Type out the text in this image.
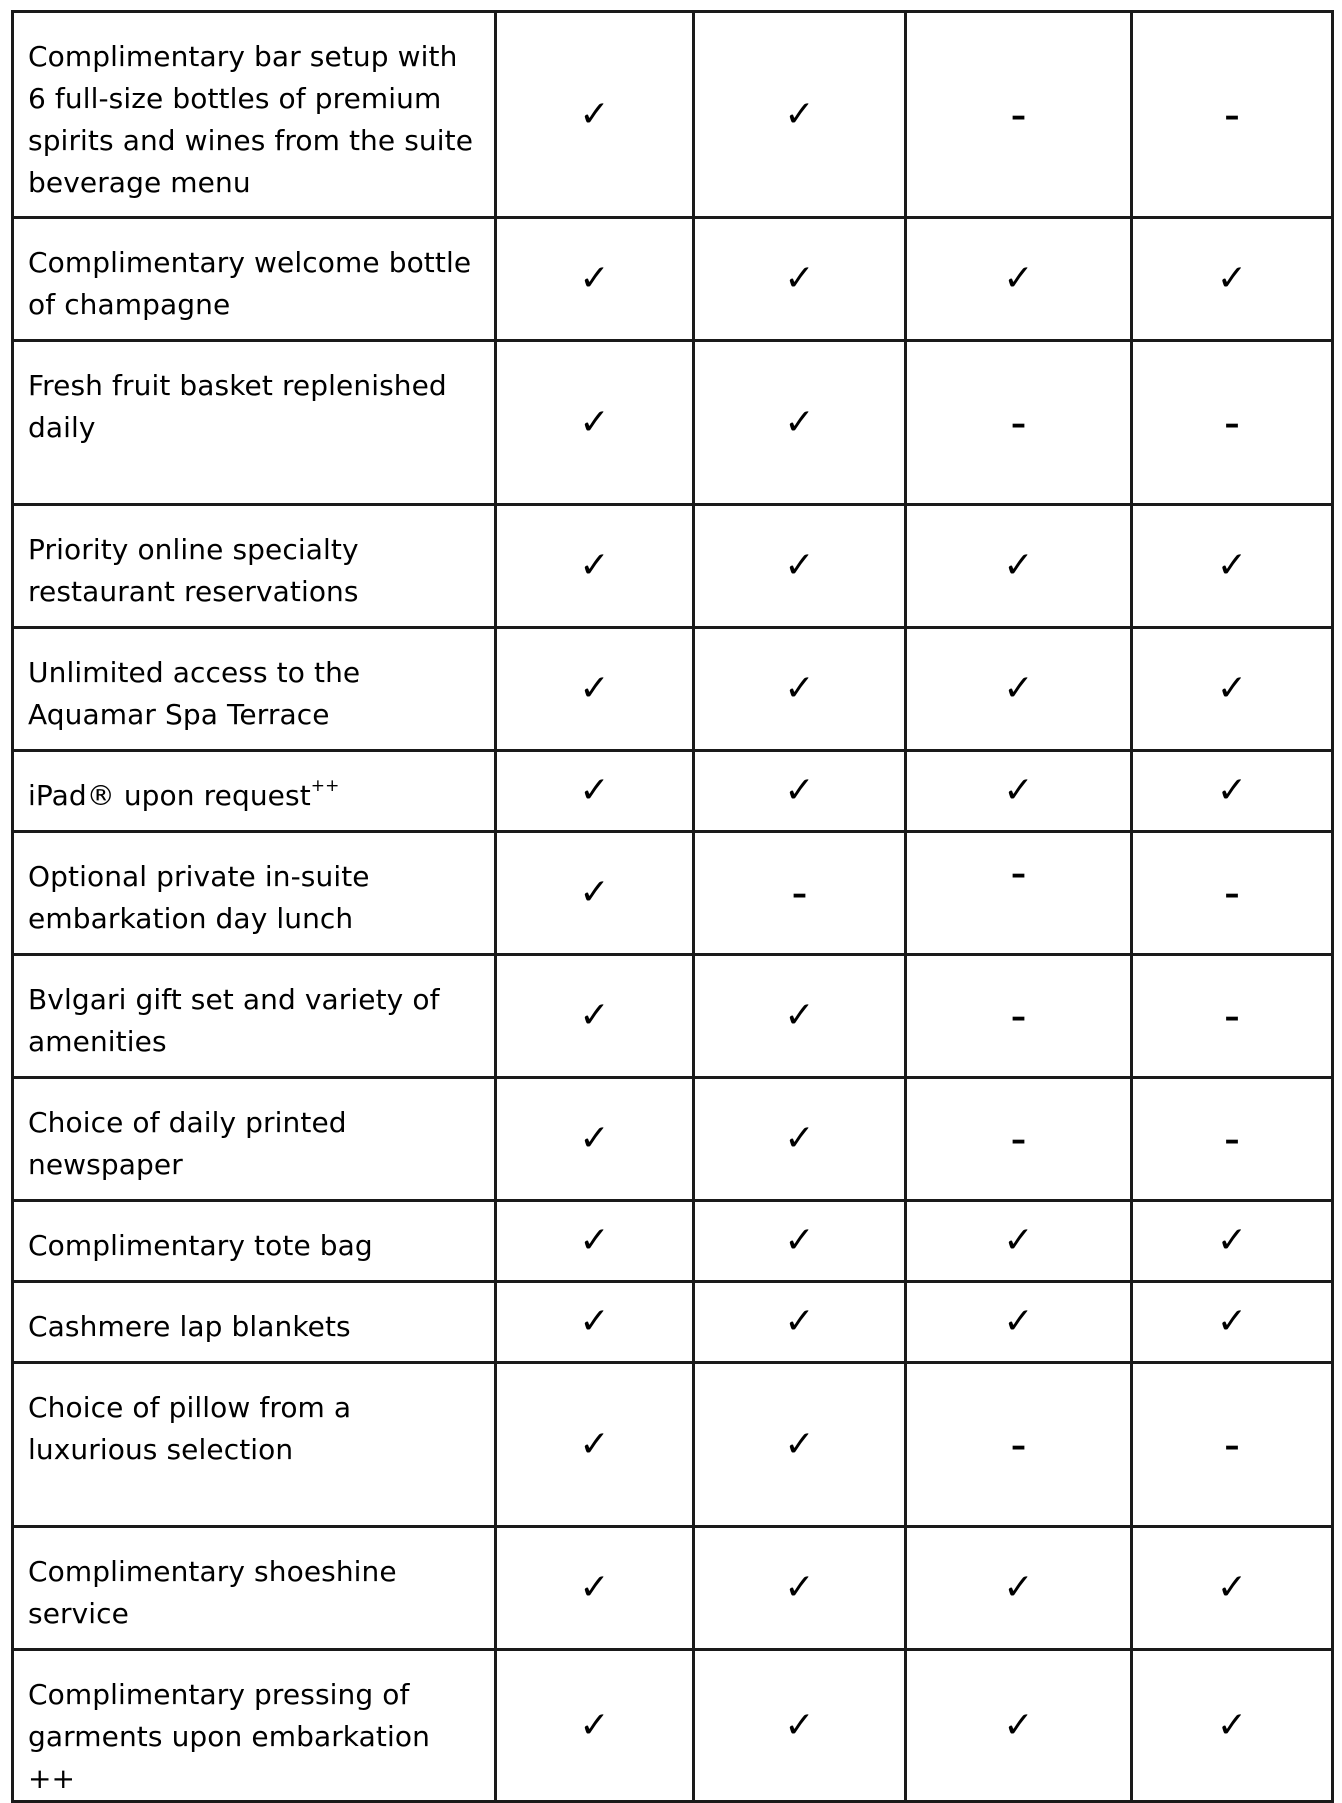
Complimentary bar setup with 6 full-size bottles of premium spirits and wines from the suite beverage menu	✓	✓	–	–
Complimentary welcome bottle of champagne	✓	✓	✓	✓
Fresh fruit basket replenished daily	✓	✓	–	–
Priority online specialty restaurant reservations	✓	✓	✓	✓
Unlimited access to the Aquamar Spa Terrace	✓	✓	✓	✓
iPad® upon request++	✓	✓	✓	✓
Optional private in-suite embarkation day lunch	✓	–	–	–
Bvlgari gift set and variety of amenities	✓	✓	–	–
Choice of daily printed newspaper	✓	✓	–	–
Complimentary tote bag	✓	✓	✓	✓
Cashmere lap blankets	✓	✓	✓	✓
Choice of pillow from a luxurious selection	✓	✓	–	–
Complimentary shoeshine service	✓	✓	✓	✓
Complimentary pressing of garments upon embarkation ++	✓	✓	✓	✓
